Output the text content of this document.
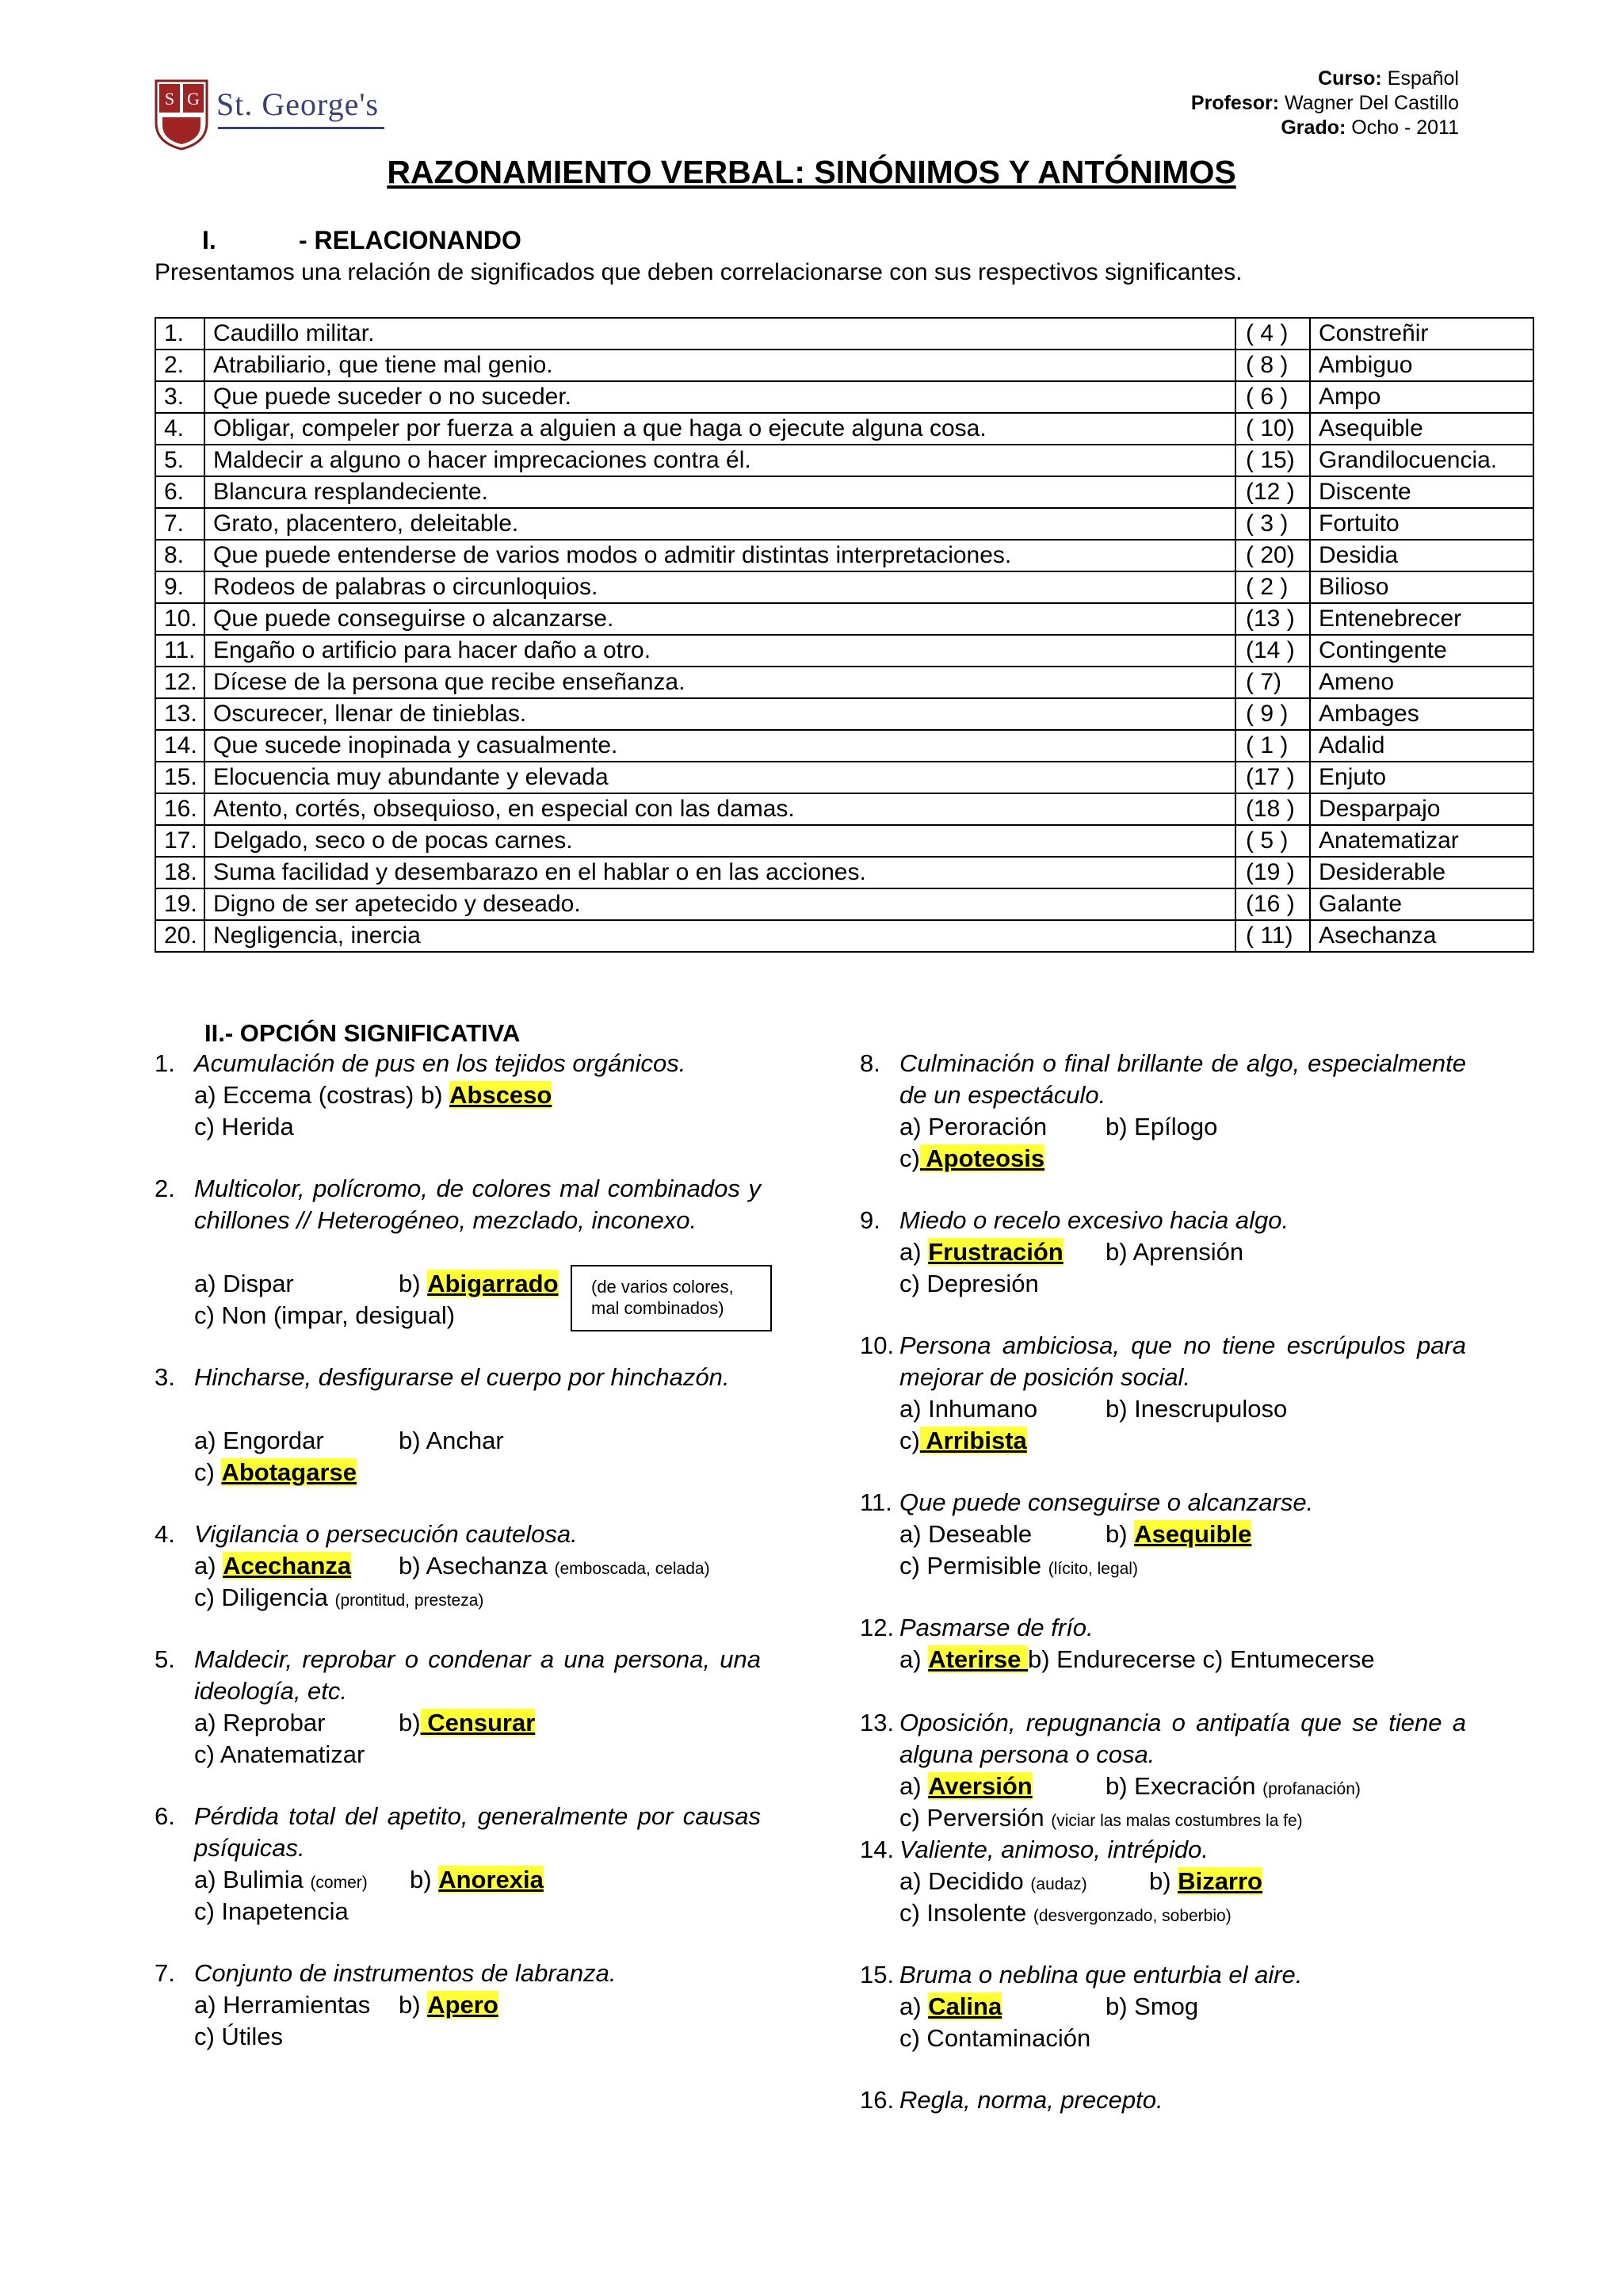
S G St. George's
Curso: Español
Profesor: Wagner Del Castillo
Grado: Ocho - 2011
RAZONAMIENTO VERBAL: SINÓNIMOS Y ANTÓNIMOS
I.	- RELACIONANDO
Presentamos una relación de significados que deben correlacionarse con sus respectivos significantes.
1.	Caudillo militar.	( 4 )	Constreñir
2.	Atrabiliario, que tiene mal genio.	( 8 )	Ambiguo
3.	Que puede suceder o no suceder.	( 6 )	Ampo
4.	Obligar, compeler por fuerza a alguien a que haga o ejecute alguna cosa.	( 10)	Asequible
5.	Maldecir a alguno o hacer imprecaciones contra él.	( 15)	Grandilocuencia.
6.	Blancura resplandeciente.	(12 )	Discente
7.	Grato, placentero, deleitable.	( 3 )	Fortuito
8.	Que puede entenderse de varios modos o admitir distintas interpretaciones.	( 20)	Desidia
9.	Rodeos de palabras o circunloquios.	( 2 )	Bilioso
10.	Que puede conseguirse o alcanzarse.	(13 )	Entenebrecer
11.	Engaño o artificio para hacer daño a otro.	(14 )	Contingente
12.	Dícese de la persona que recibe enseñanza.	( 7)	Ameno
13.	Oscurecer, llenar de tinieblas.	( 9 )	Ambages
14.	Que sucede inopinada y casualmente.	( 1 )	Adalid
15.	Elocuencia muy abundante y elevada	(17 )	Enjuto
16.	Atento, cortés, obsequioso, en especial con las damas.	(18 )	Desparpajo
17.	Delgado, seco o de pocas carnes.	( 5 )	Anatematizar
18.	Suma facilidad y desembarazo en el hablar o en las acciones.	(19 )	Desiderable
19.	Digno de ser apetecido y deseado.	(16 )	Galante
20.	Negligencia, inercia	( 11)	Asechanza
II.- OPCIÓN SIGNIFICATIVA
1. Acumulación de pus en los tejidos orgánicos.
a) Eccema (costras) b) Absceso
c) Herida
2. Multicolor, polícromo, de colores mal combinados y chillones // Heterogéneo, mezclado, inconexo.
a) Dispar	b) Abigarrado
c) Non (impar, desigual)
(de varios colores,
mal combinados)
3. Hincharse, desfigurarse el cuerpo por hinchazón.
a) Engordar	b) Anchar
c) Abotagarse
4. Vigilancia o persecución cautelosa.
a) Acechanza b) Asechanza (emboscada, celada)
c) Diligencia (prontitud, presteza)
5. Maldecir, reprobar o condenar a una persona, una ideología, etc.
a) Reprobar	b) Censurar
c) Anatematizar
6. Pérdida total del apetito, generalmente por causas psíquicas.
a) Bulimia (comer) b) Anorexia
c) Inapetencia
7. Conjunto de instrumentos de labranza.
a) Herramientas b) Apero
c) Útiles
8. Culminación o final brillante de algo, especialmente de un espectáculo.
a) Peroración b) Epílogo
c) Apoteosis
9. Miedo o recelo excesivo hacia algo.
a) Frustración b) Aprensión
c) Depresión
10. Persona ambiciosa, que no tiene escrúpulos para mejorar de posición social.
a) Inhumano	b) Inescrupuloso
c) Arribista
11. Que puede conseguirse o alcanzarse.
a) Deseable	b) Asequible
c) Permisible (lícito, legal)
12. Pasmarse de frío.
a) Aterirse b) Endurecerse c) Entumecerse
13. Oposición, repugnancia o antipatía que se tiene a alguna persona o cosa.
a) Aversión	b) Execración (profanación)
c) Perversión (viciar las malas costumbres la fe)
14. Valiente, animoso, intrépido.
a) Decidido (audaz)	b) Bizarro
c) Insolente (desvergonzado, soberbio)
15. Bruma o neblina que enturbia el aire.
a) Calina	b) Smog
c) Contaminación
16. Regla, norma, precepto.
